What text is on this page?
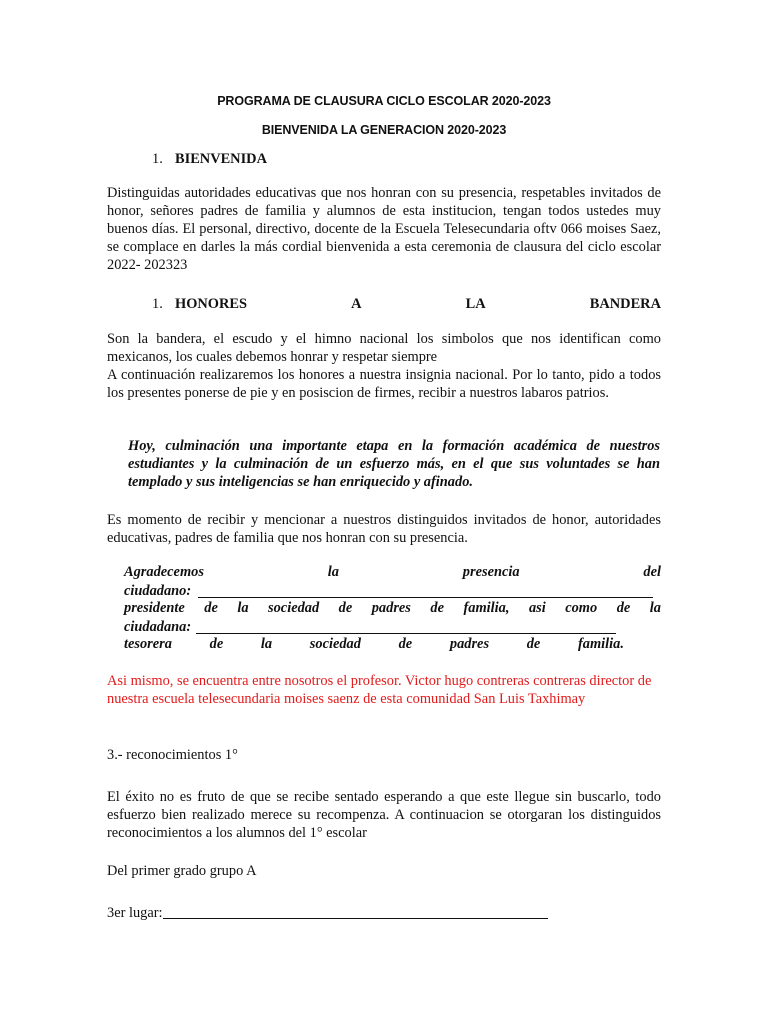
PROGRAMA DE CLAUSURA CICLO ESCOLAR 2020-2023
BIENVENIDA LA GENERACION 2020-2023
1. BIENVENIDA
Distinguidas autoridades educativas que nos honran con su presencia, respetables invitados de honor, señores padres de familia y alumnos de esta institucion, tengan todos ustedes muy buenos días. El personal, directivo, docente de la Escuela Telesecundaria oftv 066 moises Saez, se complace en darles la más cordial bienvenida a esta ceremonia de clausura del ciclo escolar 2022- 202323
1. HONORES	A	LA	BANDERA
Son la bandera, el escudo y el himno nacional los simbolos que nos identifican como mexicanos, los cuales debemos honrar y respetar siempre
A continuación realizaremos los honores a nuestra insignia nacional. Por lo tanto, pido a todos los presentes ponerse de pie y en posiscion de firmes, recibir a nuestros labaros patrios.
Hoy, culminación una importante etapa en la formación académica de nuestros estudiantes y la culminación de un esfuerzo más, en el que sus voluntades se han templado y sus inteligencias se han enriquecido y afinado.
Es momento de recibir y mencionar a nuestros distinguidos invitados de honor, autoridades educativas, padres de familia que nos honran con su presencia.
Agradecemos	la	presencia	del
ciudadano:
presidente de la sociedad de padres de familia, asi como de la
ciudadana:
tesorera	de	la	sociedad	de	padres	de	familia.
Asi mismo, se encuentra entre nosotros el profesor. Victor hugo contreras contreras director de nuestra escuela telesecundaria moises saenz de esta comunidad San Luis Taxhimay
3.- reconocimientos 1°
El éxito no es fruto de que se recibe sentado esperando a que este llegue sin buscarlo, todo esfuerzo bien realizado merece su recompenza. A continuacion se otorgaran los distinguidos reconocimientos a los alumnos del 1° escolar
Del primer grado grupo A
3er lugar:
